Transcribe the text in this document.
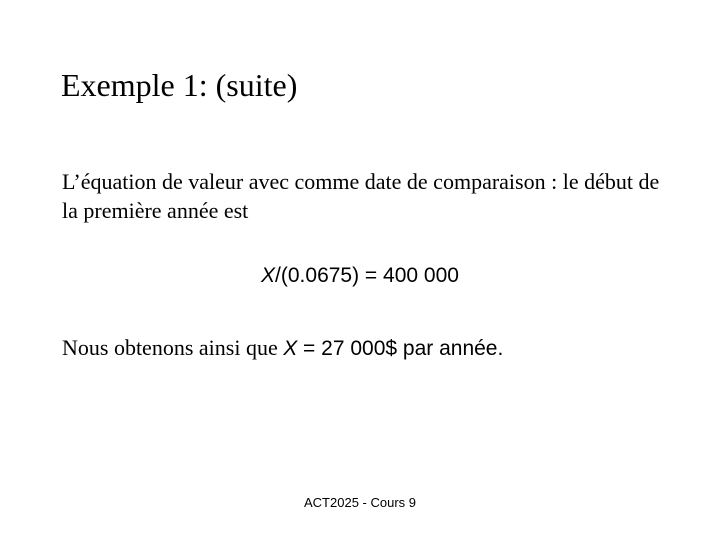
Exemple 1: (suite)
L’équation de valeur avec comme date de comparaison : le début de la première année est
X/(0.0675) = 400 000
Nous obtenons ainsi que X = 27 000$ par année.
ACT2025 - Cours 9
